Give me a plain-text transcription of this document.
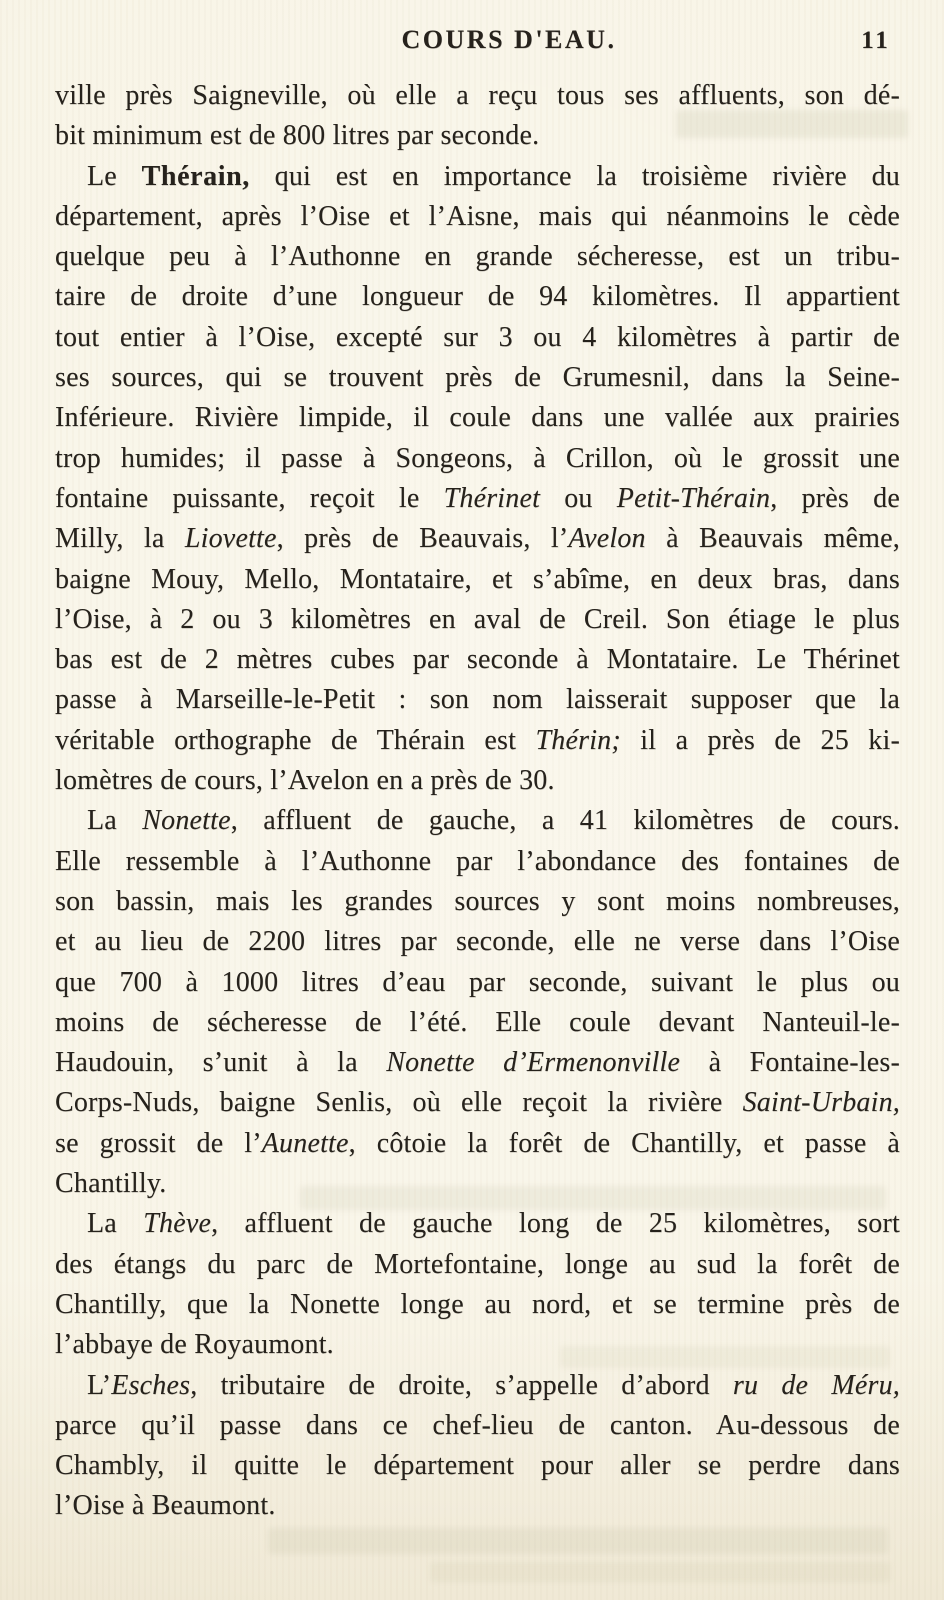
COURS D'EAU.	11
ville près Saigneville, où elle a reçu tous ses affluents, son dé-
bit minimum est de 800 litres par seconde.
Le Thérain, qui est en importance la troisième rivière du
département, après l’Oise et l’Aisne, mais qui néanmoins le cède
quelque peu à l’Authonne en grande sécheresse, est un tribu-
taire de droite d’une longueur de 94 kilomètres. Il appartient
tout entier à l’Oise, excepté sur 3 ou 4 kilomètres à partir de
ses sources, qui se trouvent près de Grumesnil, dans la Seine-
Inférieure. Rivière limpide, il coule dans une vallée aux prairies
trop humides; il passe à Songeons, à Crillon, où le grossit une
fontaine puissante, reçoit le Thérinet ou Petit-Thérain, près de
Milly, la Liovette, près de Beauvais, l’Avelon à Beauvais même,
baigne Mouy, Mello, Montataire, et s’abîme, en deux bras, dans
l’Oise, à 2 ou 3 kilomètres en aval de Creil. Son étiage le plus
bas est de 2 mètres cubes par seconde à Montataire. Le Thérinet
passe à Marseille-le-Petit : son nom laisserait supposer que la
véritable orthographe de Thérain est Thérin; il a près de 25 ki-
lomètres de cours, l’Avelon en a près de 30.
La Nonette, affluent de gauche, a 41 kilomètres de cours.
Elle ressemble à l’Authonne par l’abondance des fontaines de
son bassin, mais les grandes sources y sont moins nombreuses,
et au lieu de 2200 litres par seconde, elle ne verse dans l’Oise
que 700 à 1000 litres d’eau par seconde, suivant le plus ou
moins de sécheresse de l’été. Elle coule devant Nanteuil-le-
Haudouin, s’unit à la Nonette d’Ermenonville à Fontaine-les-
Corps-Nuds, baigne Senlis, où elle reçoit la rivière Saint-Urbain,
se grossit de l’Aunette, côtoie la forêt de Chantilly, et passe à
Chantilly.
La Thève, affluent de gauche long de 25 kilomètres, sort
des étangs du parc de Mortefontaine, longe au sud la forêt de
Chantilly, que la Nonette longe au nord, et se termine près de
l’abbaye de Royaumont.
L’Esches, tributaire de droite, s’appelle d’abord ru de Méru,
parce qu’il passe dans ce chef-lieu de canton. Au-dessous de
Chambly, il quitte le département pour aller se perdre dans
l’Oise à Beaumont.
